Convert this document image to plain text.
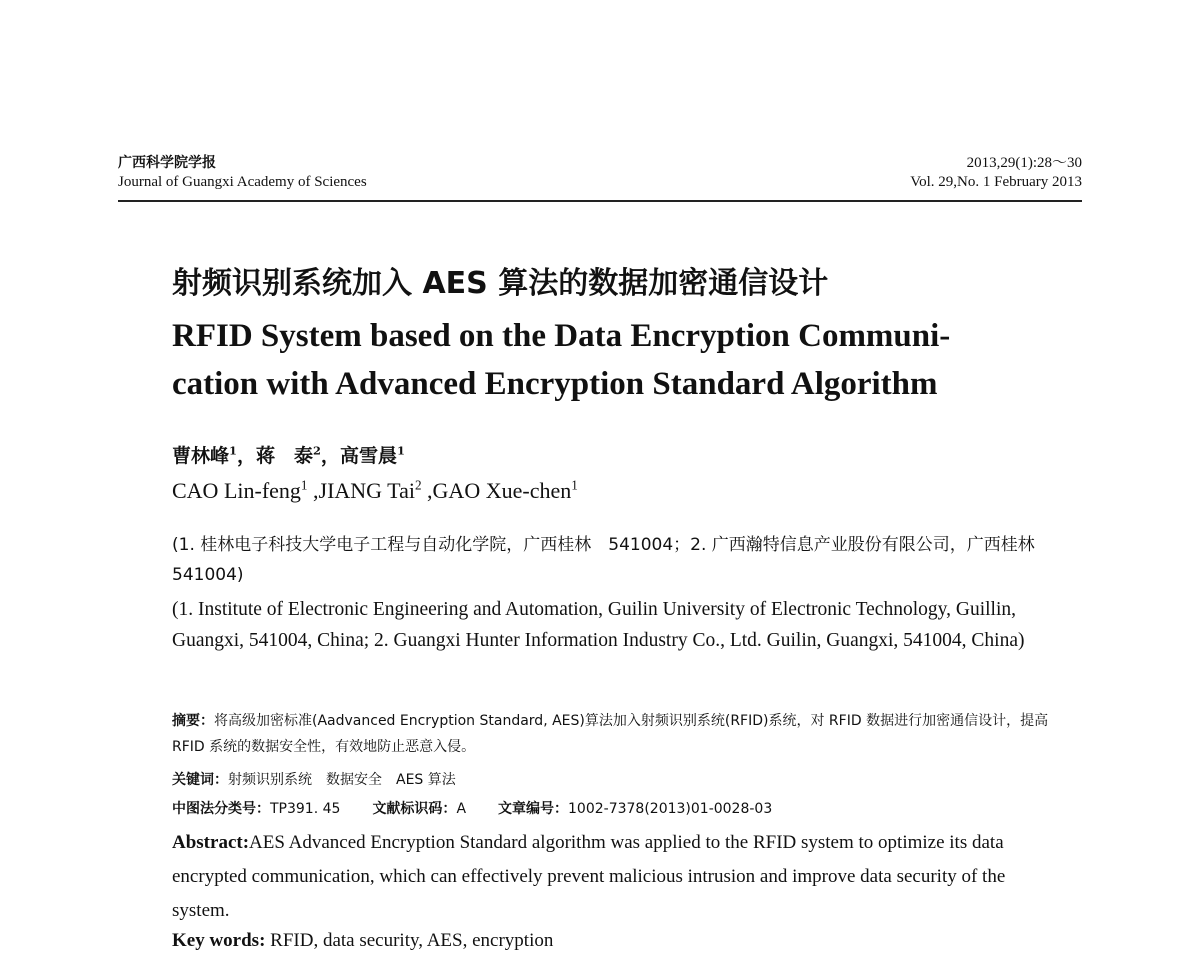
广西科学院学报
Journal of Guangxi Academy of Sciences
2013,29(1):28～30
Vol. 29,No. 1 February 2013
射频识别系统加入 AES 算法的数据加密通信设计
RFID System based on the Data Encryption Communi-
cation with Advanced Encryption Standard Algorithm
曹林峰$^1$，蒋　泰$^2$，高雪晨$^1$
CAO Lin-feng$^1$ ,JIANG Tai$^2$ ,GAO Xue-chen$^1$
(1. 桂林电子科技大学电子工程与自动化学院，广西桂林　541004；2. 广西瀚特信息产业股份有限公司，广西桂林　541004)
(1. Institute of Electronic Engineering and Automation, Guilin University of Electronic Technology, Guillin, Guangxi, 541004, China; 2. Guangxi Hunter Information Industry Co., Ltd. Guilin, Guangxi, 541004, China)
摘要：将高级加密标准(Aadvanced Encryption Standard, AES)算法加入射频识别系统(RFID)系统，对 RFID 数据进行加密通信设计，提高 RFID 系统的数据安全性，有效地防止恶意入侵。
关键词：射频识别系统　数据安全　AES 算法
中图法分类号：TP391. 45 文献标识码：A 文章编号：1002-7378(2013)01-0028-03
Abstract:AES Advanced Encryption Standard algorithm was applied to the RFID system to optimize its data encrypted communication, which can effectively prevent malicious intrusion and improve data security of the system.
Key words: RFID, data security, AES, encryption
